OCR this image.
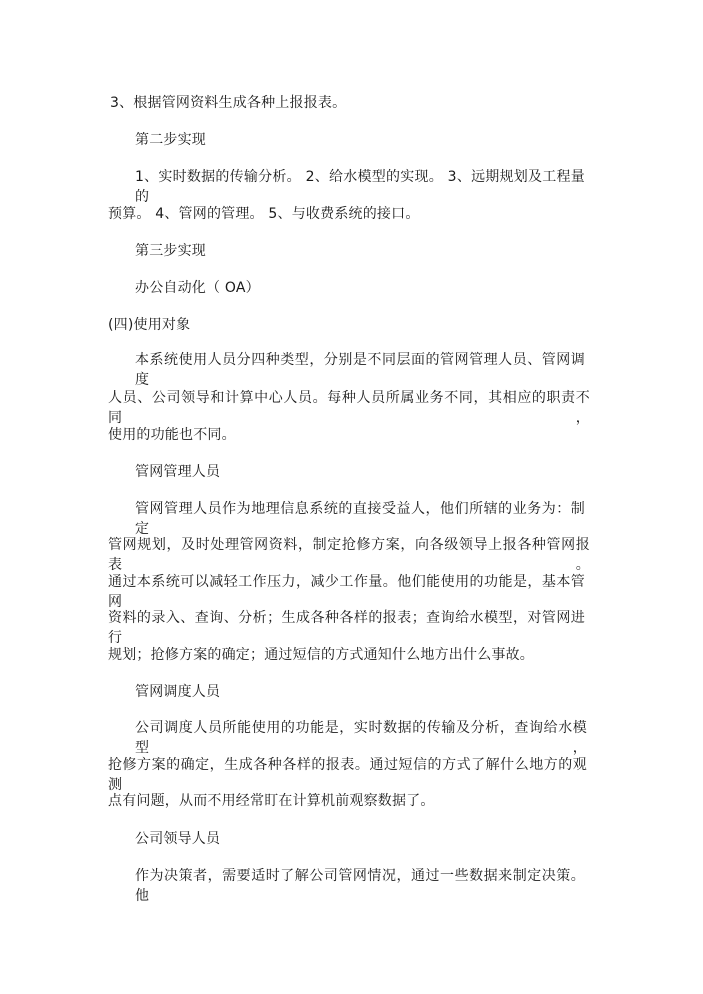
3、根据管网资料生成各种上报报表。
第二步实现
1、实时数据的传输分析。 2、给水模型的实现。 3、远期规划及工程量的
预算。 4、管网的管理。 5、与收费系统的接口。
第三步实现
办公自动化（ OA）
(四)使用对象
本系统使用人员分四种类型，分别是不同层面的管网管理人员、管网调度
人员、公司领导和计算中心人员。每种人员所属业务不同，其相应的职责不同，
使用的功能也不同。
管网管理人员
管网管理人员作为地理信息系统的直接受益人，他们所辖的业务为：制定
管网规划，及时处理管网资料，制定抢修方案，向各级领导上报各种管网报表。
通过本系统可以减轻工作压力，减少工作量。他们能使用的功能是，基本管网
资料的录入、查询、分析；生成各种各样的报表；查询给水模型，对管网进行
规划；抢修方案的确定；通过短信的方式通知什么地方出什么事故。
管网调度人员
公司调度人员所能使用的功能是，实时数据的传输及分析，查询给水模型，
抢修方案的确定，生成各种各样的报表。通过短信的方式了解什么地方的观测
点有问题，从而不用经常盯在计算机前观察数据了。
公司领导人员
作为决策者，需要适时了解公司管网情况，通过一些数据来制定决策。他
